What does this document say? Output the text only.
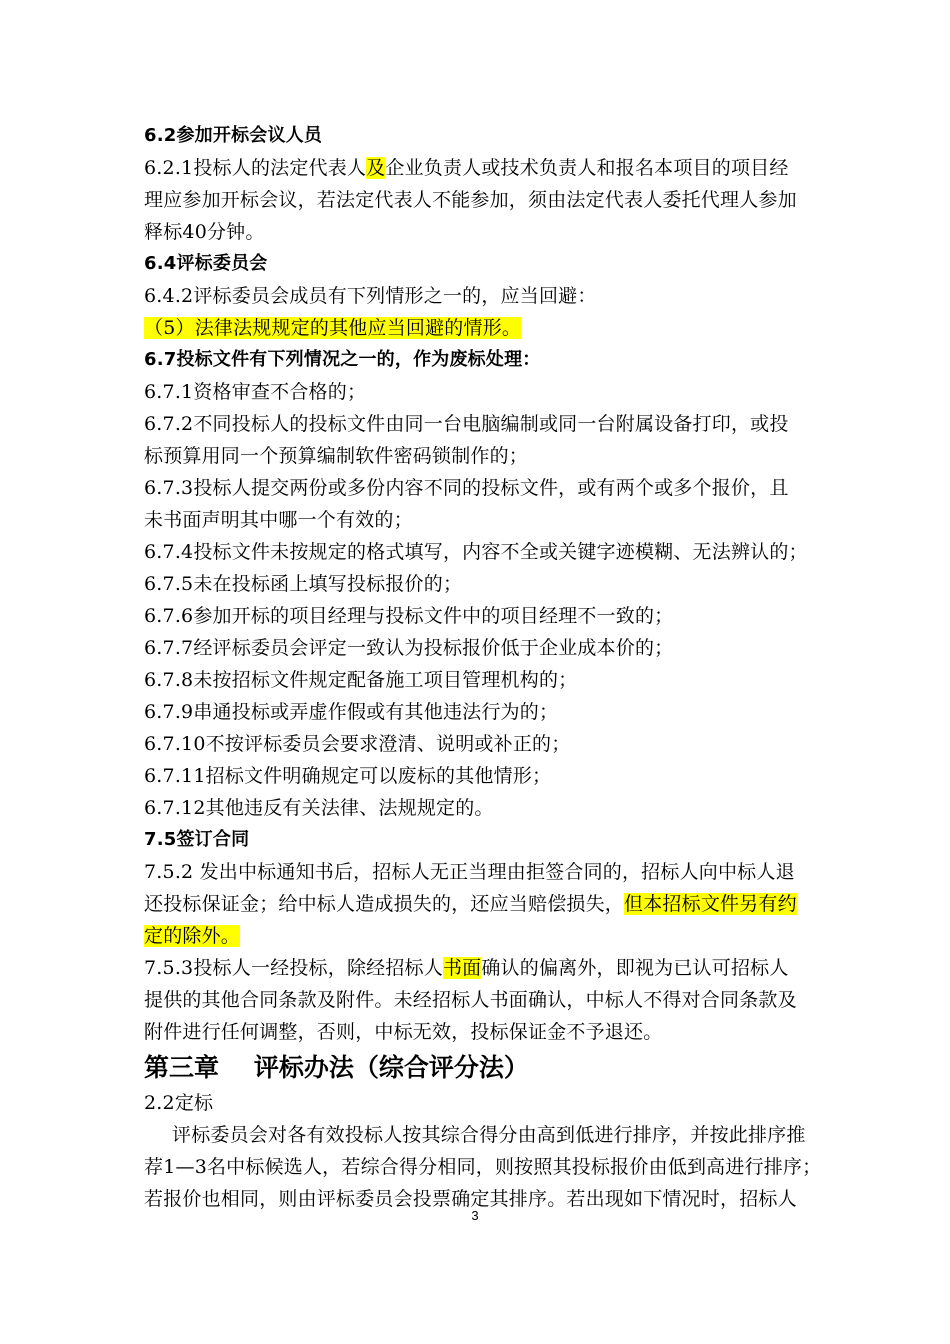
6.2参加开标会议人员
6.2.1投标人的法定代表人及企业负责人或技术负责人和报名本项目的项目经
理应参加开标会议，若法定代表人不能参加，须由法定代表人委托代理人参加
释标40分钟。
6.4评标委员会
6.4.2评标委员会成员有下列情形之一的，应当回避：
（5）法律法规规定的其他应当回避的情形。
6.7投标文件有下列情况之一的，作为废标处理：
6.7.1资格审查不合格的；
6.7.2不同投标人的投标文件由同一台电脑编制或同一台附属设备打印，或投
标预算用同一个预算编制软件密码锁制作的；
6.7.3投标人提交两份或多份内容不同的投标文件，或有两个或多个报价，且
未书面声明其中哪一个有效的；
6.7.4投标文件未按规定的格式填写，内容不全或关键字迹模糊、无法辨认的；
6.7.5未在投标函上填写投标报价的；
6.7.6参加开标的项目经理与投标文件中的项目经理不一致的；
6.7.7经评标委员会评定一致认为投标报价低于企业成本价的；
6.7.8未按招标文件规定配备施工项目管理机构的；
6.7.9串通投标或弄虚作假或有其他违法行为的；
6.7.10不按评标委员会要求澄清、说明或补正的；
6.7.11招标文件明确规定可以废标的其他情形；
6.7.12其他违反有关法律、法规规定的。
7.5签订合同
7.5.2 发出中标通知书后，招标人无正当理由拒签合同的，招标人向中标人退
还投标保证金；给中标人造成损失的，还应当赔偿损失，但本招标文件另有约
定的除外。
7.5.3投标人一经投标，除经招标人书面确认的偏离外，即视为已认可招标人
提供的其他合同条款及附件。未经招标人书面确认，中标人不得对合同条款及
附件进行任何调整，否则，中标无效，投标保证金不予退还。
第三章    评标办法（综合评分法）
2.2定标
评标委员会对各有效投标人按其综合得分由高到低进行排序，并按此排序推
荐1—3名中标候选人，若综合得分相同，则按照其投标报价由低到高进行排序；
若报价也相同，则由评标委员会投票确定其排序。若出现如下情况时，招标人
3
